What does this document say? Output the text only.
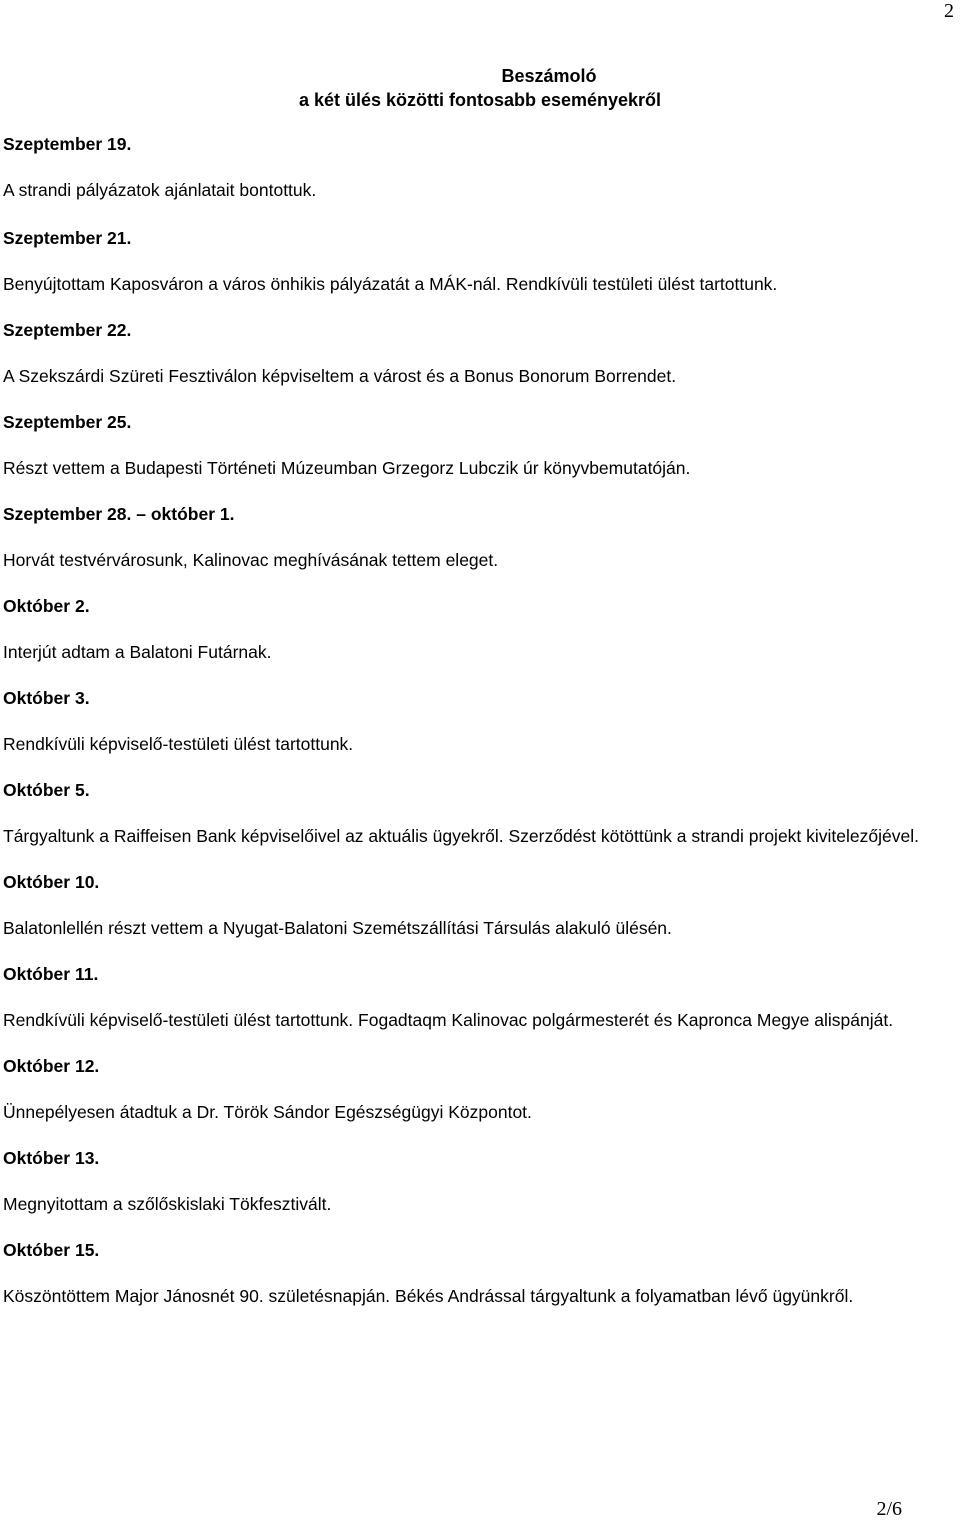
2
Beszámoló
a két ülés közötti fontosabb eseményekről

Szeptember 19.

A strandi pályázatok ajánlatait bontottuk.

Szeptember 21.

Benyújtottam Kaposváron a város önhikis pályázatát a MÁK-nál. Rendkívüli testületi ülést tartottunk.

Szeptember 22.

A Szekszárdi Szüreti Fesztiválon képviseltem a várost és a Bonus Bonorum Borrendet.

Szeptember 25.

Részt vettem a Budapesti Történeti Múzeumban Grzegorz Lubczik úr könyvbemutatóján.

Szeptember 28. – október 1.

Horvát testvérvárosunk, Kalinovac meghívásának tettem eleget.

Október 2.

Interjút adtam a Balatoni Futárnak.

Október 3.

Rendkívüli képviselő-testületi ülést tartottunk.

Október 5.

Tárgyaltunk a Raiffeisen Bank képviselőivel az aktuális ügyekről. Szerződést kötöttünk a strandi projekt kivitelezőjével.

Október 10.

Balatonlellén részt vettem a Nyugat-Balatoni Szemétszállítási Társulás alakuló ülésén.

Október 11.

Rendkívüli képviselő-testületi ülést tartottunk. Fogadtaqm Kalinovac polgármesterét és Kapronca Megye alispánját.

Október 12.

Ünnepélyesen átadtuk a Dr. Török Sándor Egészségügyi Központot.

Október 13.

Megnyitottam a szőlőskislaki Tökfesztivált.

Október 15.

Köszöntöttem Major Jánosnét 90. születésnapján. Békés Andrással tárgyaltunk a folyamatban lévő ügyünkről.

2/6
